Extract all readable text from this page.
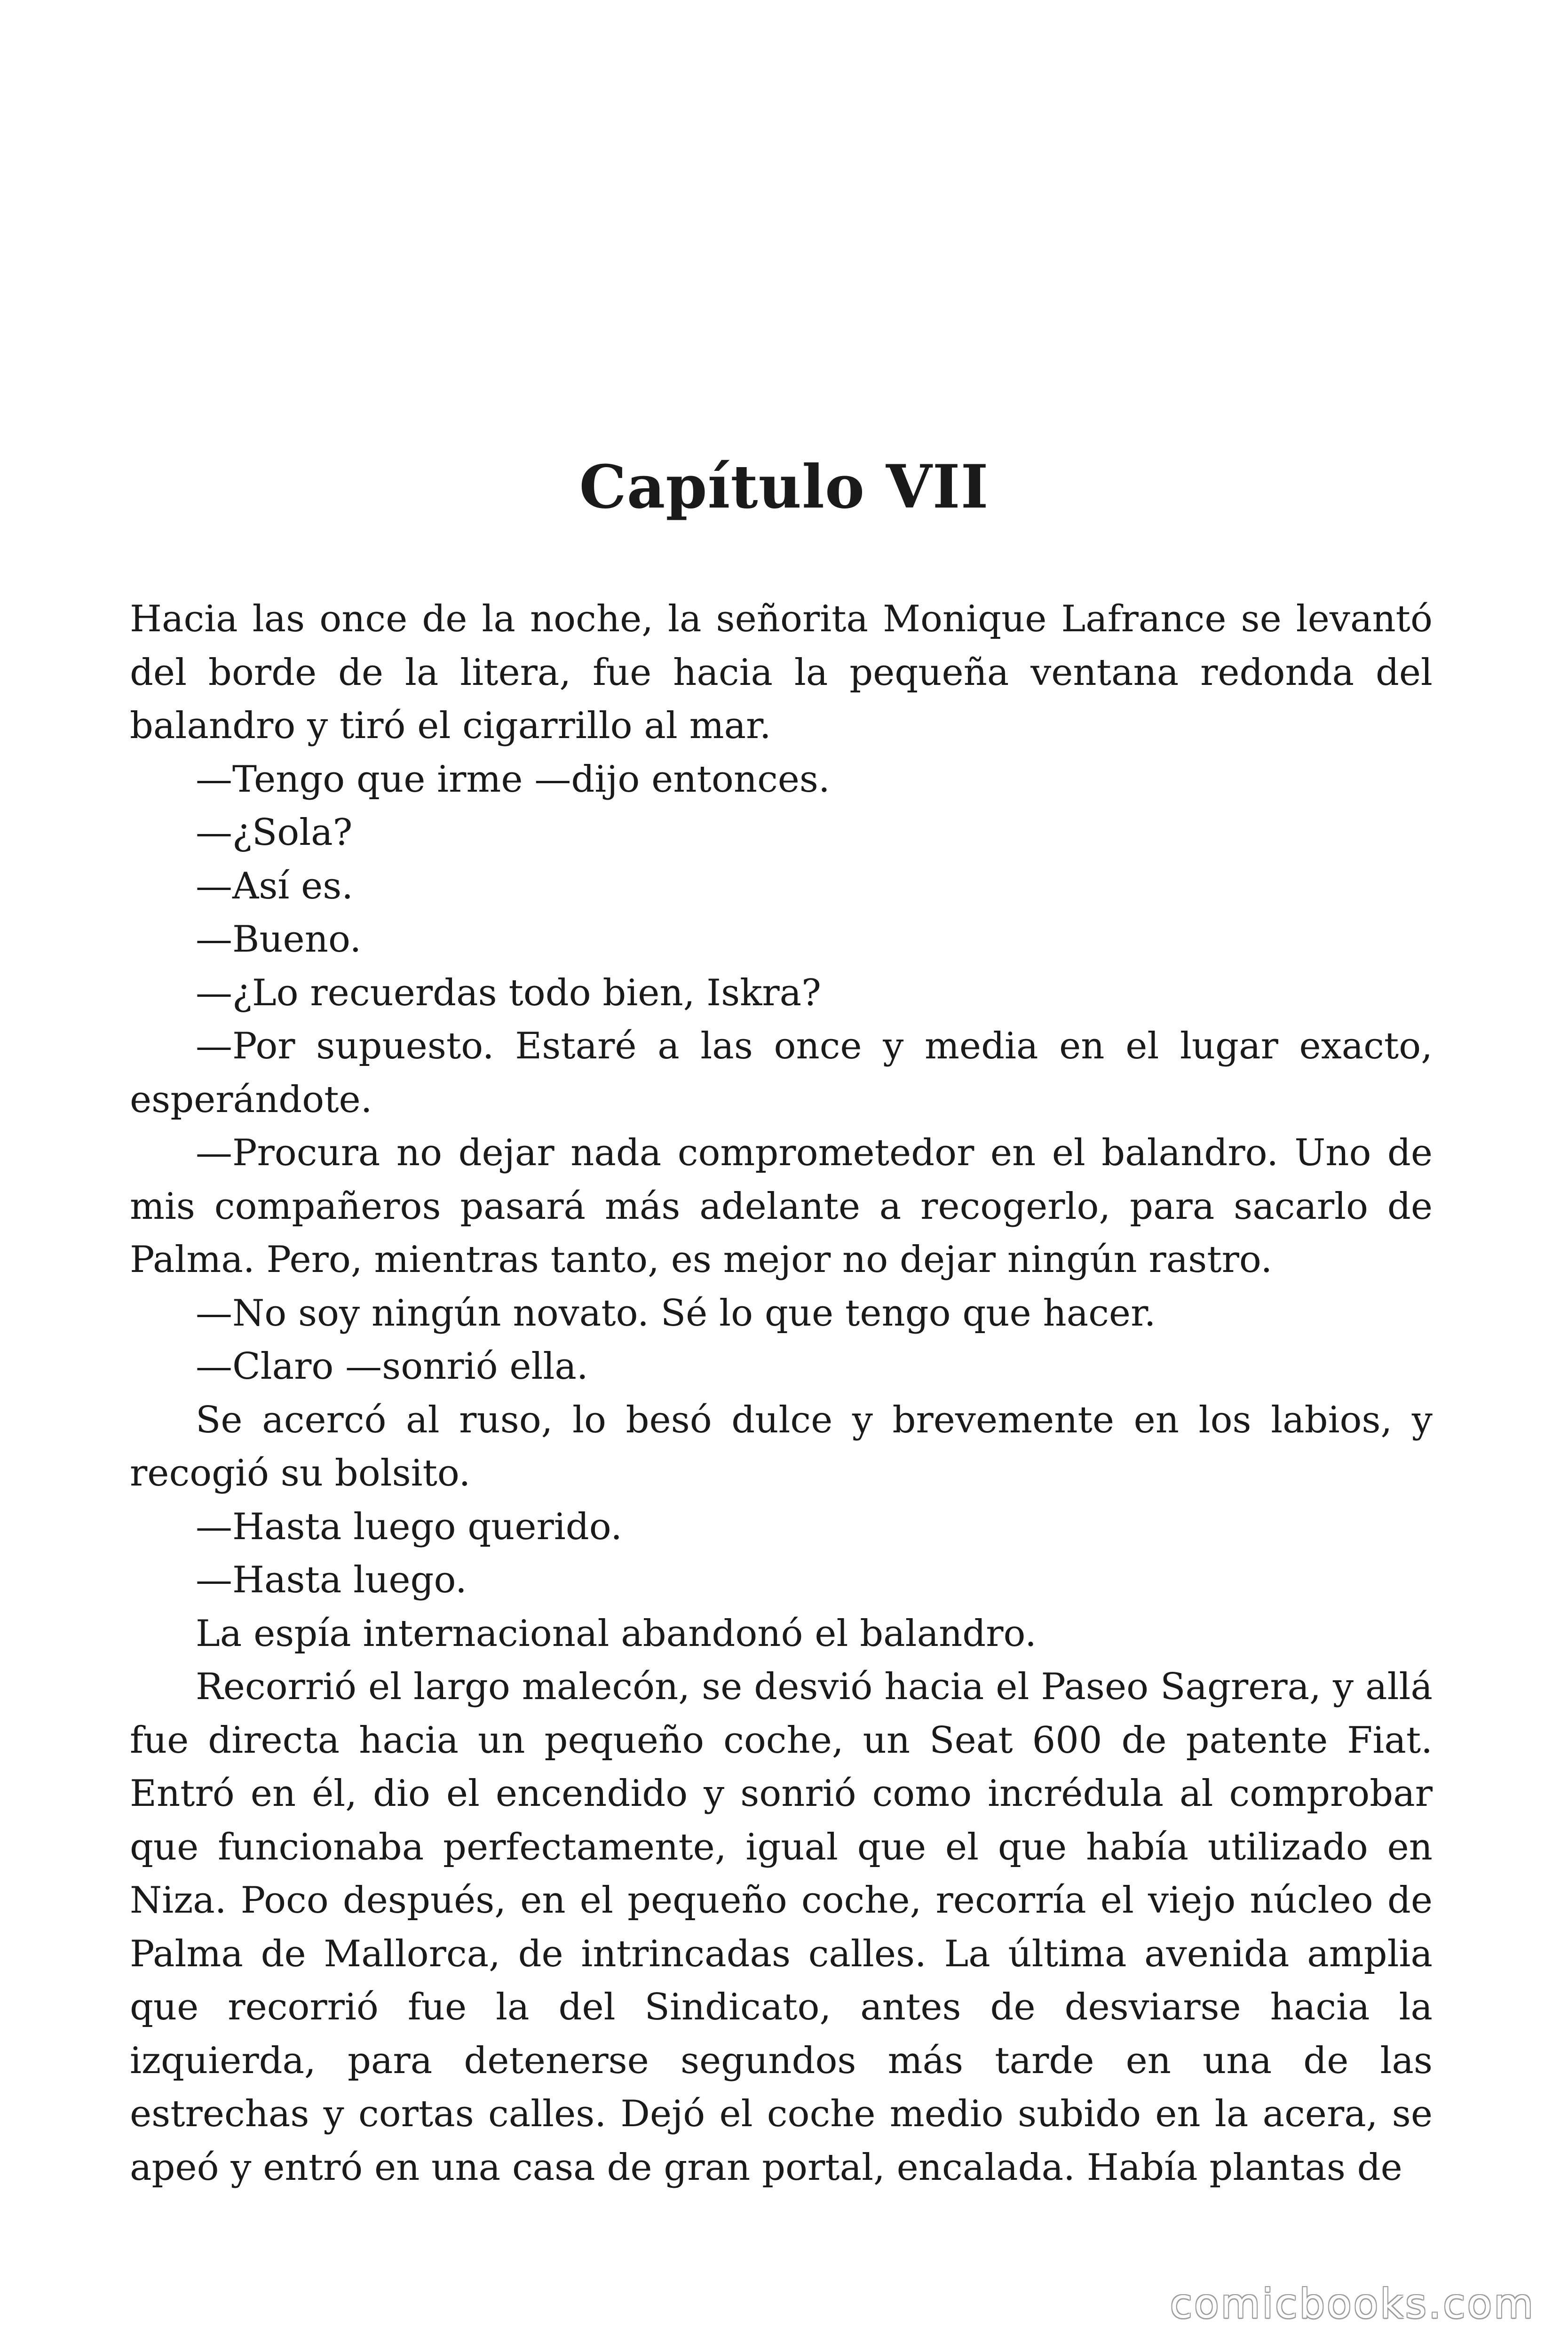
Capítulo VII

Hacia las once de la noche, la señorita Monique Lafrance se levantó del borde de la litera, fue hacia la pequeña ventana redonda del balandro y tiró el cigarrillo al mar.

—Tengo que irme —dijo entonces.

—¿Sola?

—Así es.

—Bueno.

—¿Lo recuerdas todo bien, Iskra?

—Por supuesto. Estaré a las once y media en el lugar exacto, esperándote.

—Procura no dejar nada comprometedor en el balandro. Uno de mis compañeros pasará más adelante a recogerlo, para sacarlo de Palma. Pero, mientras tanto, es mejor no dejar ningún rastro.

—No soy ningún novato. Sé lo que tengo que hacer.

—Claro —sonrió ella.

Se acercó al ruso, lo besó dulce y brevemente en los labios, y recogió su bolsito.

—Hasta luego querido.

—Hasta luego.

La espía internacional abandonó el balandro.

Recorrió el largo malecón, se desvió hacia el Paseo Sagrera, y allá fue directa hacia un pequeño coche, un Seat 600 de patente Fiat. Entró en él, dio el encendido y sonrió como incrédula al comprobar que funcionaba perfectamente, igual que el que había utilizado en Niza. Poco después, en el pequeño coche, recorría el viejo núcleo de Palma de Mallorca, de intrincadas calles. La última avenida amplia que recorrió fue la del Sindicato, antes de desviarse hacia la izquierda, para detenerse segundos más tarde en una de las estrechas y cortas calles. Dejó el coche medio subido en la acera, se apeó y entró en una casa de gran portal, encalada. Había plantas de

comicbooks.com
